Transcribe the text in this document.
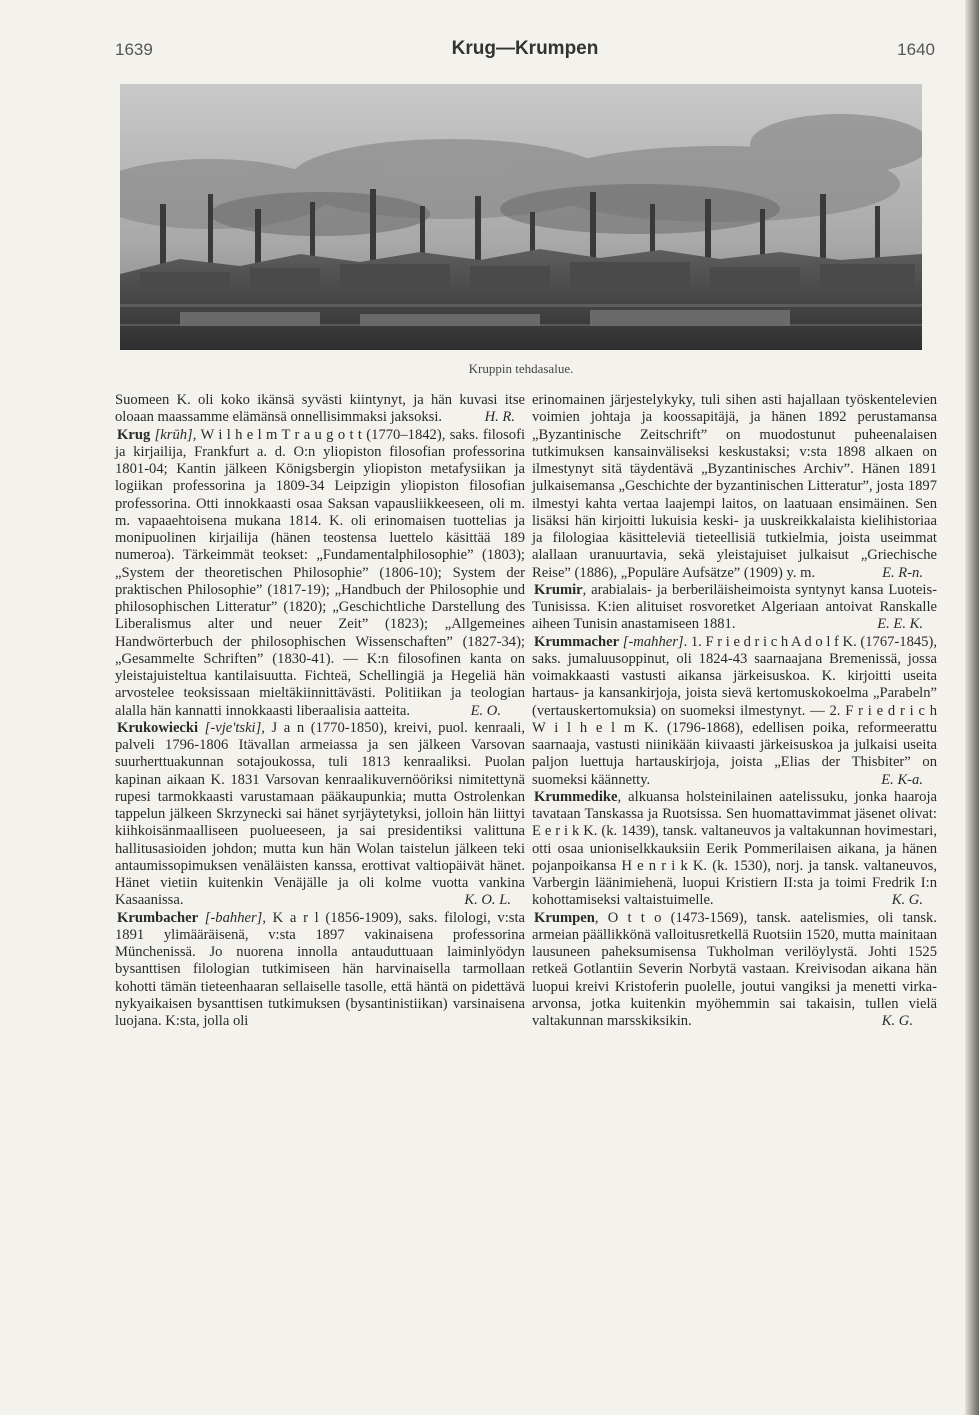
1639	Krug—Krumpen	1640
Kruppin tehdasalue.

Suomeen K. oli koko ikänsä syvästi kiintynyt, ja hän kuvasi itse oloaan maassamme elämänsä onnellisimmaksi jaksoksi.	H. R.

Krug [krūh], W i l h e l m T r a u g o t t (1770–1842), saks. filosofi ja kirjailija, Frankfurt a. d. O:n yliopiston filosofian professorina 1801-04; Kantin jälkeen Königsbergin yliopiston metafysiikan ja logiikan professorina ja 1809-34 Leipzigin yliopiston filosofian professorina. Otti innokkaasti osaa Saksan vapausliikkeeseen, oli m. m. vapaaehtoisena mukana 1814. K. oli erinomaisen tuottelias ja monipuolinen kirjailija (hänen teostensa luettelo käsittää 189 numeroa). Tärkeimmät teokset: „Fundamentalphilosophie” (1803); „System der theoretischen Philosophie” (1806-10); System der praktischen Philosophie” (1817-19); „Handbuch der Philosophie und philosophischen Litteratur” (1820); „Geschichtliche Darstellung des Liberalismus alter und neuer Zeit” (1823); „Allgemeines Handwörterbuch der philosophischen Wissenschaften” (1827-34); „Gesammelte Schriften” (1830-41). — K:n filosofinen kanta on yleistajuisteltua kantilaisuutta. Fichteä, Schellingiä ja Hegeliä hän arvostelee teoksissaan mieltäkiinnittävästi. Politiikan ja teologian alalla hän kannatti innokkaasti liberaalisia aatteita.	E. O.

Krukowiecki [-vje'tski], J a n (1770-1850), kreivi, puol. kenraali, palveli 1796-1806 Itävallan armeiassa ja sen jälkeen Varsovan suurherttuakunnan sotajoukossa, tuli 1813 kenraaliksi. Puolan kapinan aikaan K. 1831 Varsovan kenraalikuvernööriksi nimitettynä rupesi tarmokkaasti varustamaan pääkaupunkia; mutta Ostrolenkan tappelun jälkeen Skrzynecki sai hänet syrjäytetyksi, jolloin hän liittyi kiihkoisänmaalliseen puolueeseen, ja sai presidentiksi valittuna hallitusasioiden johdon; mutta kun hän Wolan taistelun jälkeen teki antaumissopimuksen venäläisten kanssa, erottivat valtiopäivät hänet. Hänet vietiin kuitenkin Venäjälle ja oli kolme vuotta vankina Kasaanissa.	K. O. L.

Krumbacher [-bahher], K a r l (1856-1909), saks. filologi, v:sta 1891 ylimääräisenä, v:sta 1897 vakinaisena professorina Münchenissä. Jo nuorena innolla antauduttuaan laiminlyödyn bysanttisen filologian tutkimiseen hän harvinaisella tarmollaan kohotti tämän tieteenhaaran sellaiselle tasolle, että häntä on pidettävä nykyaikaisen bysanttisen tutkimuksen (bysantinistiikan) varsinaisena luojana. K:sta, jolla oli

erinomainen järjestelykyky, tuli sihen asti hajallaan työskentelevien voimien johtaja ja koossapitäjä, ja hänen 1892 perustamansa „Byzantinische Zeitschrift” on muodostunut puheenalaisen tutkimuksen kansainväliseksi keskustaksi; v:sta 1898 alkaen on ilmestynyt sitä täydentävä „Byzantinisches Archiv”. Hänen 1891 julkaisemansa „Geschichte der byzantinischen Litteratur”, josta 1897 ilmestyi kahta vertaa laajempi laitos, on laatuaan ensimäinen. Sen lisäksi hän kirjoitti lukuisia keski- ja uuskreikkalaista kielihistoriaa ja filologiaa käsitteleviä tieteellisiä tutkielmia, joista useimmat alallaan uranuurtavia, sekä yleistajuiset julkaisut „Griechische Reise” (1886), „Populäre Aufsätze” (1909) y. m.	E. R-n.

Krumir, arabialais- ja berberiläisheimoista syntynyt kansa Luoteis-Tunisissa. K:ien alituiset rosvoretket Algeriaan antoivat Ranskalle aiheen Tunisin anastamiseen 1881.	E. E. K.

Krummacher [-mahher]. 1. F r i e d r i c h A d o l f K. (1767-1845), saks. jumaluusoppinut, oli 1824-43 saarnaajana Bremenissä, jossa voimakkaasti vastusti aikansa järkeisuskoa. K. kirjoitti useita hartaus- ja kansankirjoja, joista sievä kertomuskokoelma „Parabeln” (vertauskertomuksia) on suomeksi ilmestynyt. — 2. F r i e d r i c h W i l h e l m K. (1796-1868), edellisen poika, reformeerattu saarnaaja, vastusti niinikään kiivaasti järkeisuskoa ja julkaisi useita paljon luettuja hartauskirjoja, joista „Elias der Thisbiter” on suomeksi käännetty.	E. K-a.

Krummedike, alkuansa holsteinilainen aatelissuku, jonka haaroja tavataan Tanskassa ja Ruotsissa. Sen huomattavimmat jäsenet olivat: E e r i k K. (k. 1439), tansk. valtaneuvos ja valtakunnan hovimestari, otti osaa unioniselkkauksiin Eerik Pommerilaisen aikana, ja hänen pojanpoikansa H e n r i k K. (k. 1530), norj. ja tansk. valtaneuvos, Varbergin läänimiehenä, luopui Kristiern II:sta ja toimi Fredrik I:n kohottamiseksi valtaistuimelle.	K. G.

Krumpen, O t t o (1473-1569), tansk. aatelismies, oli tansk. armeian päällikkönä valloitusretkellä Ruotsiin 1520, mutta mainitaan lausuneen paheksumisensa Tukholman verilöylystä. Johti 1525 retkeä Gotlantiin Severin Norbytä vastaan. Kreivisodan aikana hän luopui kreivi Kristoferin puolelle, joutui vangiksi ja menetti virka-arvonsa, jotka kuitenkin myöhemmin sai takaisin, tullen vielä valtakunnan marsskiksikin.	K. G.
